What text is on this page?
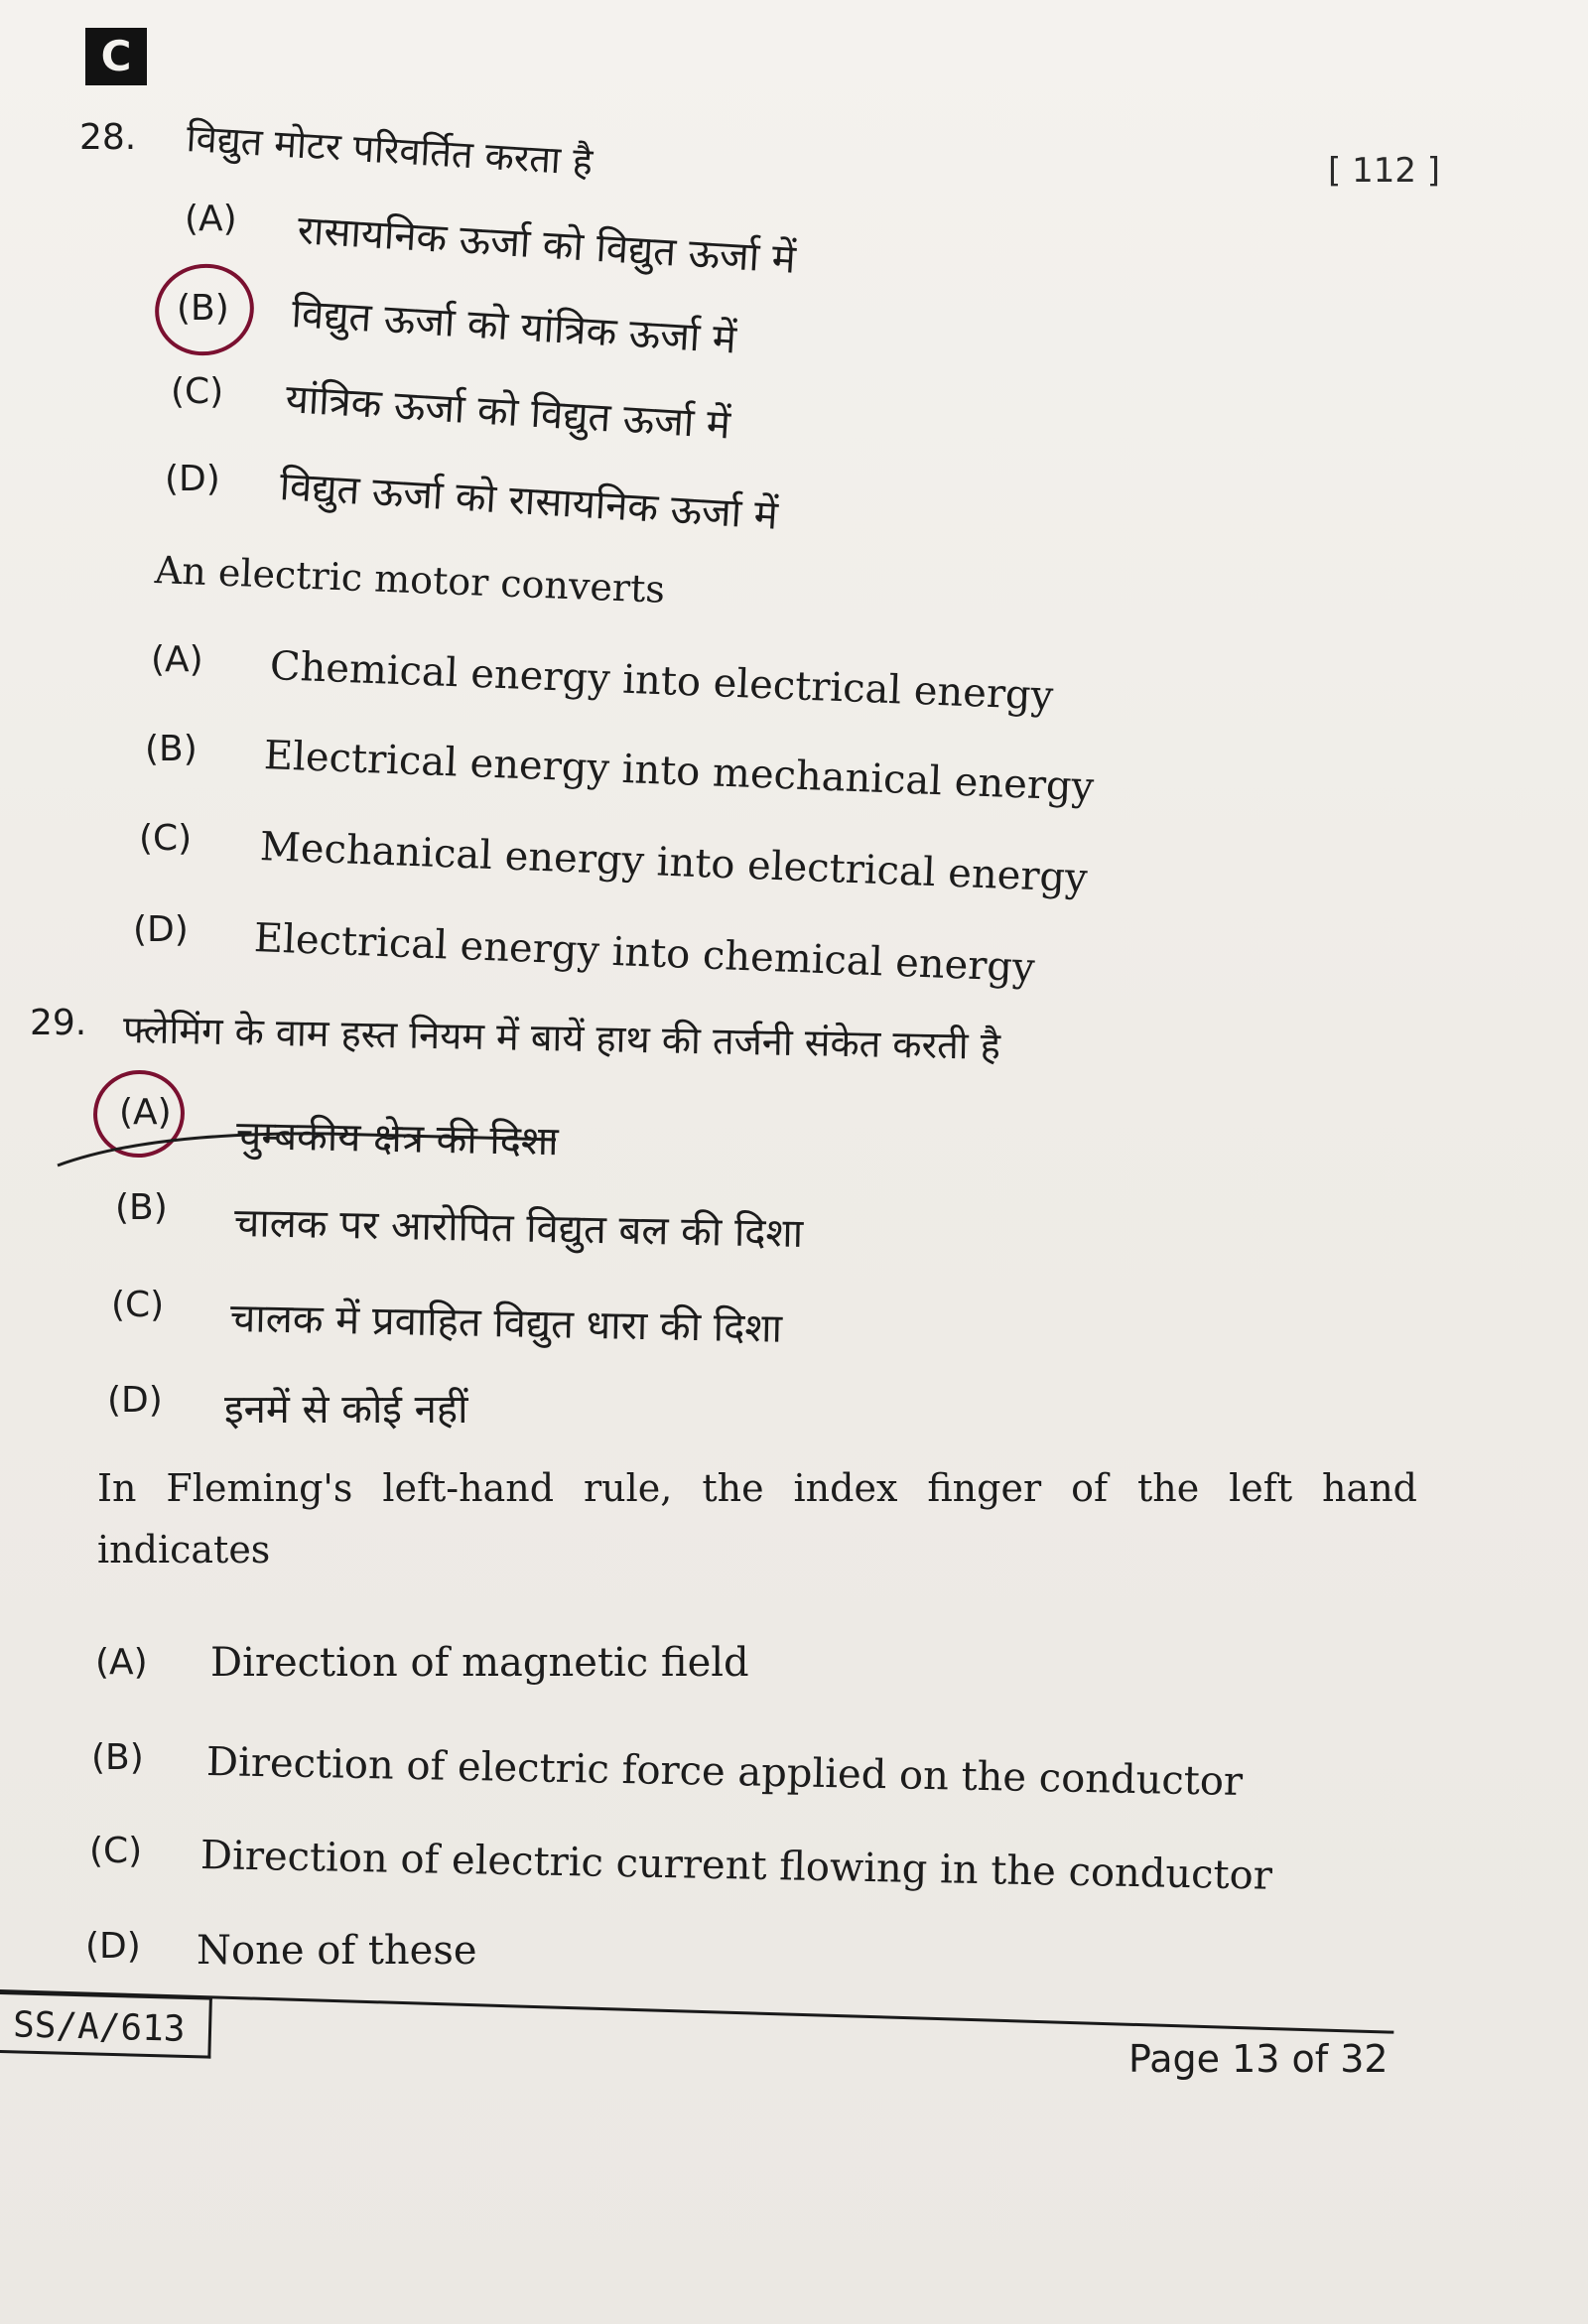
C
[ 112 ]
28. विद्युत मोटर परिवर्तित करता है
(A) रासायनिक ऊर्जा को विद्युत ऊर्जा में
(B) विद्युत ऊर्जा को यांत्रिक ऊर्जा में
(C) यांत्रिक ऊर्जा को विद्युत ऊर्जा में
(D) विद्युत ऊर्जा को रासायनिक ऊर्जा में
An electric motor converts
(A) Chemical energy into electrical energy
(B) Electrical energy into mechanical energy
(C) Mechanical energy into electrical energy
(D) Electrical energy into chemical energy
29. फ्लेमिंग के वाम हस्त नियम में बायें हाथ की तर्जनी संकेत करती है
(A)
चुम्बकीय क्षेत्र की दिशा
(B) चालक पर आरोपित विद्युत बल की दिशा
(C) चालक में प्रवाहित विद्युत धारा की दिशा
(D) इनमें से कोई नहीं
In Fleming's left-hand rule, the index finger of the left hand indicates
(A) Direction of magnetic field
(B) Direction of electric force applied on the conductor
(C) Direction of electric current flowing in the conductor
(D) None of these
SS/A/613
Page 13 of 32
